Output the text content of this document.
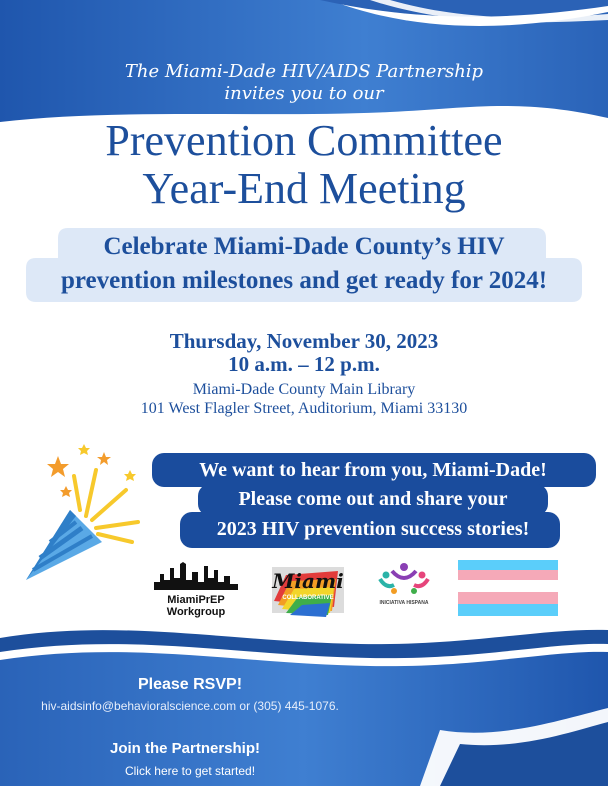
The Miami-Dade HIV/AIDS Partnership
invites you to our
Prevention Committee
Year-End Meeting
Celebrate Miami-Dade County’s HIV
prevention milestones and get ready for 2024!
Thursday, November 30, 2023
10 a.m. – 12 p.m.
Miami-Dade County Main Library
101 West Flagler Street, Auditorium, Miami 33130
We want to hear from you, Miami-Dade!
Please come out and share your
2023 HIV prevention success stories!
MiamiPrEP
Workgroup
Miami
COLLABORATIVE
INICIATIVA HISPANA
Please RSVP!
hiv-aidsinfo@behavioralscience.com or (305) 445-1076.
Join the Partnership!
Click here to get started!
